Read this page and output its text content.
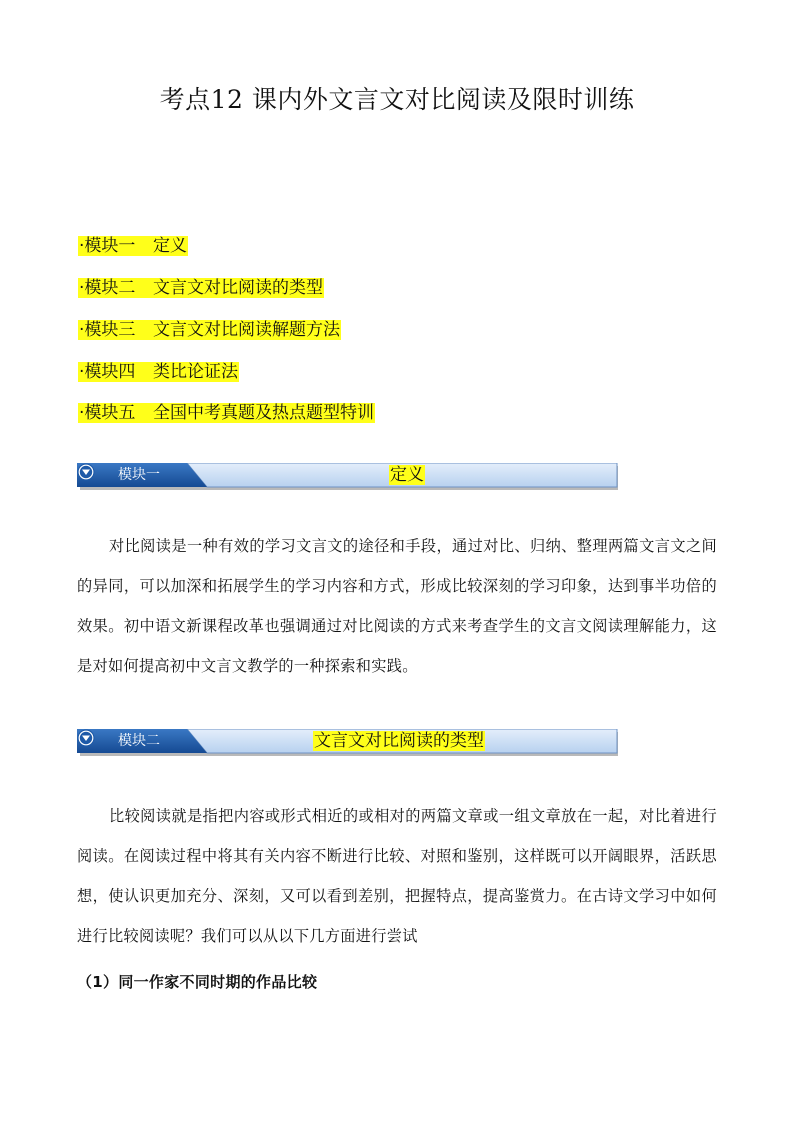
考点12 课内外文言文对比阅读及限时训练
·模块一 定义
·模块二 文言文对比阅读的类型
·模块三 文言文对比阅读解题方法
·模块四 类比论证法
·模块五 全国中考真题及热点题型特训
模块一	定义
对比阅读是一种有效的学习文言文的途径和手段，通过对比、归纳、整理两篇文言文之间的异同，可以加深和拓展学生的学习内容和方式，形成比较深刻的学习印象，达到事半功倍的效果。初中语文新课程改革也强调通过对比阅读的方式来考查学生的文言文阅读理解能力，这是对如何提高初中文言文教学的一种探索和实践。
模块二	文言文对比阅读的类型
比较阅读就是指把内容或形式相近的或相对的两篇文章或一组文章放在一起，对比着进行阅读。在阅读过程中将其有关内容不断进行比较、对照和鉴别，这样既可以开阔眼界，活跃思想，使认识更加充分、深刻，又可以看到差别，把握特点，提高鉴赏力。在古诗文学习中如何进行比较阅读呢？我们可以从以下几方面进行尝试
（1）同一作家不同时期的作品比较
